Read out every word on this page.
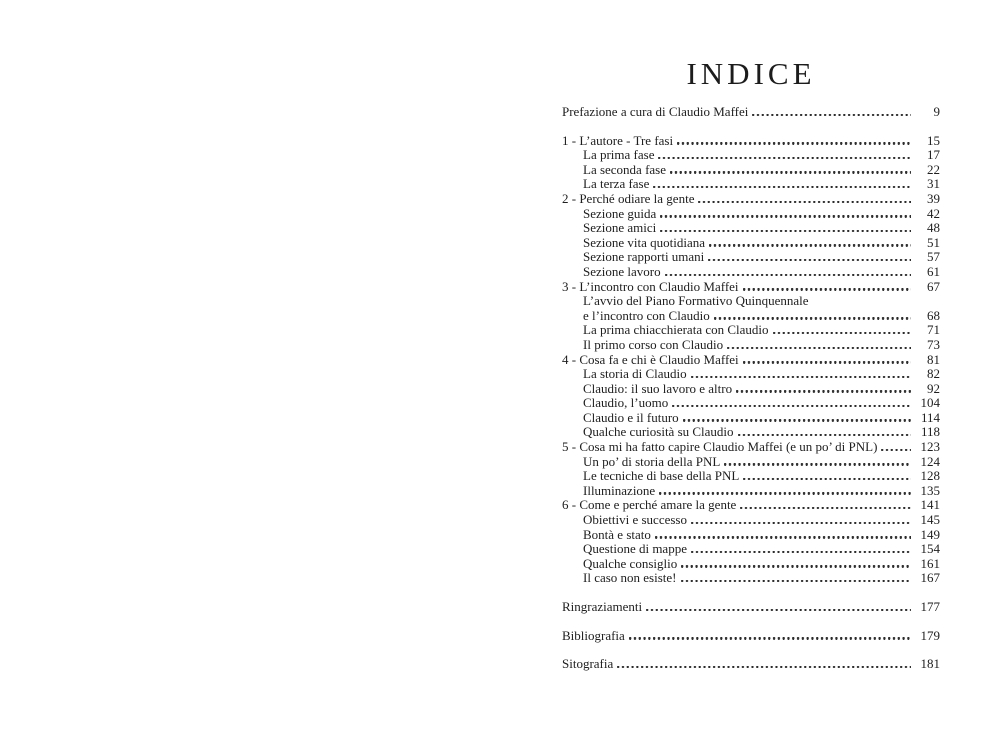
INDICE
Prefazione a cura di Claudio Maffei	9
1 - L’autore - Tre fasi	15
La prima fase	17
La seconda fase	22
La terza fase	31
2 - Perché odiare la gente	39
Sezione guida	42
Sezione amici	48
Sezione vita quotidiana	51
Sezione rapporti umani	57
Sezione lavoro	61
3 - L’incontro con Claudio Maffei	67
L’avvio del Piano Formativo Quinquennale
e l’incontro con Claudio	68
La prima chiacchierata con Claudio	71
Il primo corso con Claudio	73
4 - Cosa fa e chi è Claudio Maffei	81
La storia di Claudio	82
Claudio: il suo lavoro e altro	92
Claudio, l’uomo	104
Claudio e il futuro	114
Qualche curiosità su Claudio	118
5 - Cosa mi ha fatto capire Claudio Maffei (e un po’ di PNL)	123
Un po’ di storia della PNL	124
Le tecniche di base della PNL	128
Illuminazione	135
6 - Come e perché amare la gente	141
Obiettivi e successo	145
Bontà e stato	149
Questione di mappe	154
Qualche consiglio	161
Il caso non esiste!	167
Ringraziamenti	177
Bibliografia	179
Sitografia	181
